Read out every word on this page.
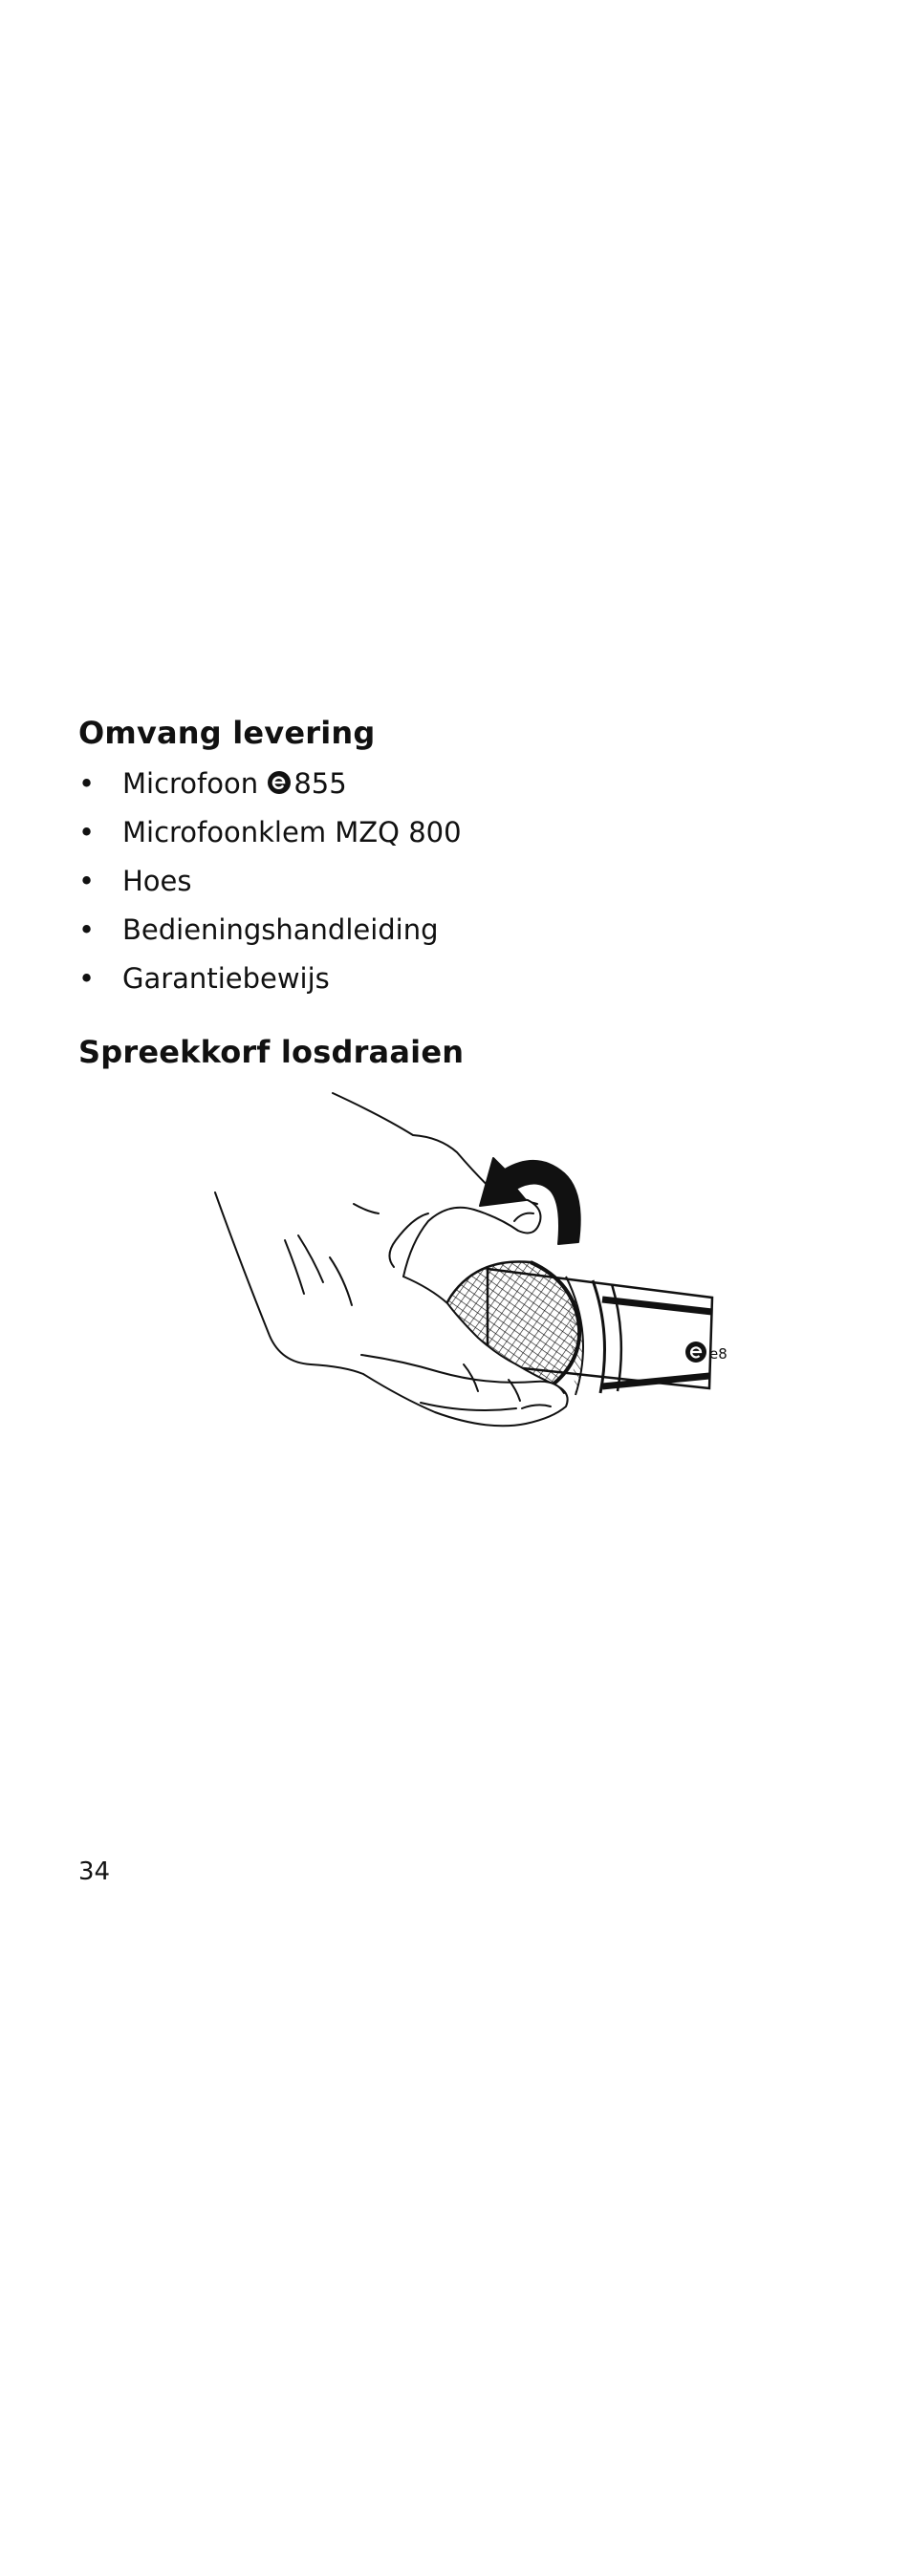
Omvang levering
• Microfoon 855
• Microfoonklem MZQ 800
• Hoes
• Bedieningshandleiding
• Garantiebewijs
Spreekkorf losdraaien
e8

34
